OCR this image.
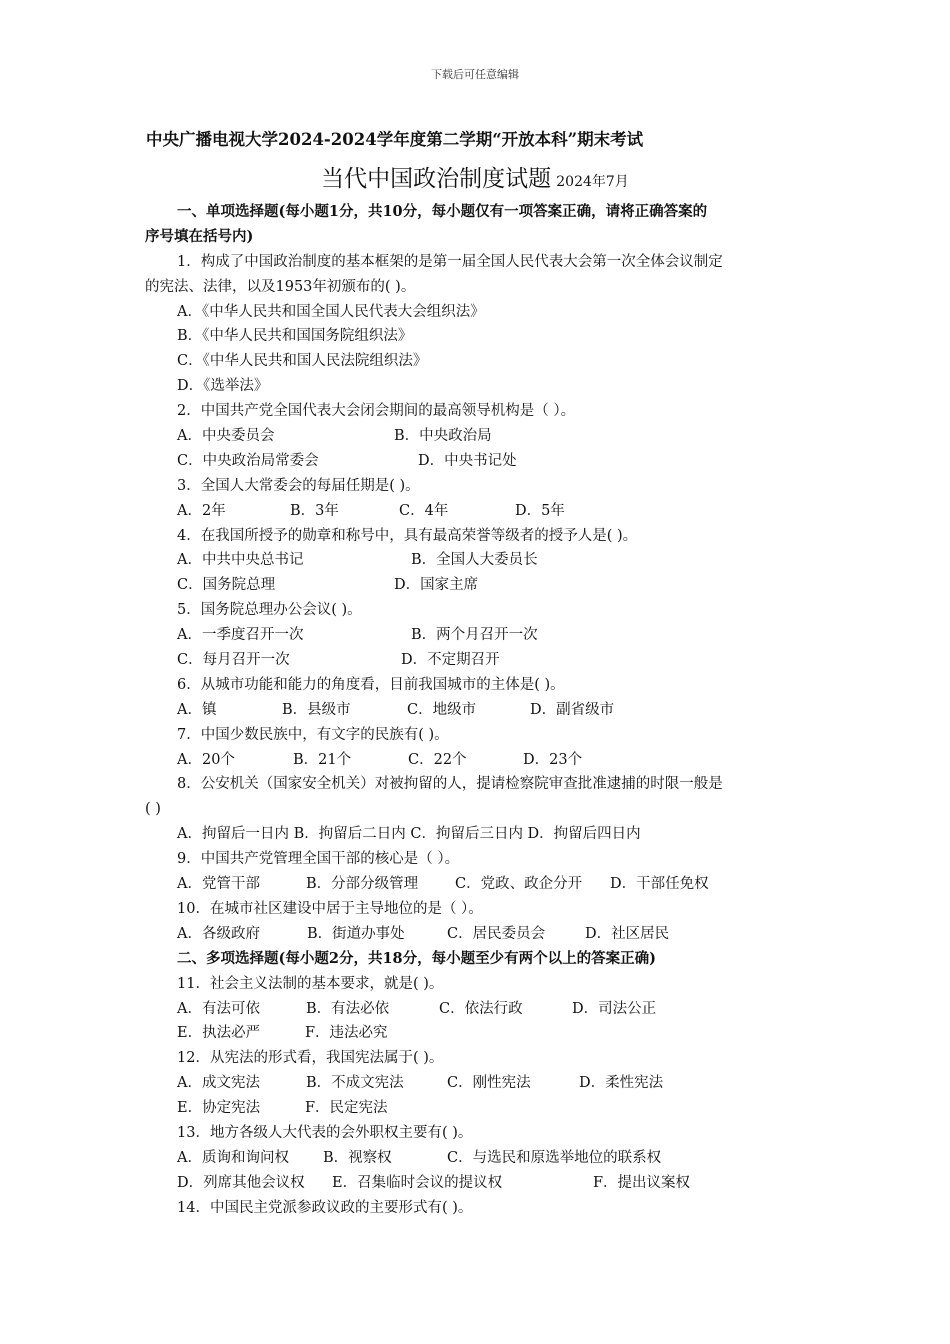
下载后可任意编辑
中央广播电视大学2024-2024学年度第二学期“开放本科”期末考试
当代中国政治制度试题 2024年7月
一、单项选择题(每小题1分，共10分，每小题仅有一项答案正确，请将正确答案的
序号填在括号内)
1．构成了中国政治制度的基本框架的是第一届全国人民代表大会第一次全体会议制定
的宪法、法律，以及1953年初颁布的( )。
A．《中华人民共和国全国人民代表大会组织法》
B．《中华人民共和国国务院组织法》
C．《中华人民共和国人民法院组织法》
D．《选举法》
2．中国共产党全国代表大会闭会期间的最高领导机构是（ ）。
A．中央委员会	B．中央政治局
C．中央政治局常委会	D．中央书记处
3．全国人大常委会的每届任期是( )。
A．2年	B．3年	C．4年	D．5年
4．在我国所授予的勋章和称号中，具有最高荣誉等级者的授予人是( )。
A．中共中央总书记	B．全国人大委员长
C．国务院总理	D．国家主席
5．国务院总理办公会议( )。
A．一季度召开一次	B．两个月召开一次
C．每月召开一次	D．不定期召开
6．从城市功能和能力的角度看，目前我国城市的主体是( )。
A．镇	B．县级市	C．地级市	D．副省级市
7．中国少数民族中，有文字的民族有( )。
A．20个	B．21个	C．22个	D．23个
8．公安机关（国家安全机关）对被拘留的人，提请检察院审查批准逮捕的时限一般是
( )
A．拘留后一日内 B．拘留后二日内 C．拘留后三日内 D．拘留后四日内
9．中国共产党管理全国干部的核心是（ ）。
A．党管干部	B．分部分级管理	C．党政、政企分开 D．干部任免权
10．在城市社区建设中居于主导地位的是（ ）。
A．各级政府	B．街道办事处	C．居民委员会	D．社区居民
二、多项选择题(每小题2分，共18分，每小题至少有两个以上的答案正确)
11．社会主义法制的基本要求，就是( )。
A．有法可依	B．有法必依	C．依法行政	D．司法公正
E．执法必严	F．违法必究
12．从宪法的形式看，我国宪法属于( )。
A．成文宪法	B．不成文宪法	C．刚性宪法	D．柔性宪法
E．协定宪法	F．民定宪法
13．地方各级人大代表的会外职权主要有( )。
A．质询和询问权 B．视察权	C．与选民和原选举地位的联系权
D．列席其他会议权 E．召集临时会议的提议权	F．提出议案权
14．中国民主党派参政议政的主要形式有( )。
